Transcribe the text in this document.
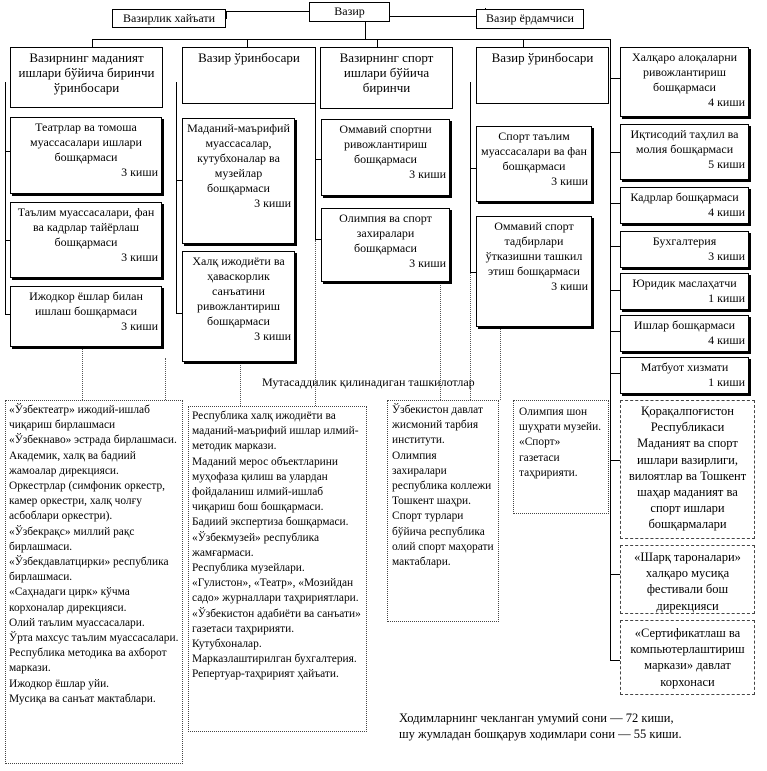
Вазир
Вазирлик хайъати	Вазир ёрдамчиси
Вазирнинг маданият ишлари бўйича биринчи ўринбосари
Вазир ўринбосари	Вазирнинг спорт ишлари бўйича биринчи
Вазир ўринбосари
Театрлар ва томоша муассасалари ишлари бошқармаси
3 киши
Таълим муассасалари, фан ва кадрлар тайёрлаш бошқармаси
3 киши
Ижодкор ёшлар билан ишлаш бошқармаси
3 киши
Маданий-маърифий муассасалар, кутубхоналар ва музейлар бошқармаси
3 киши
Халқ ижодиёти ва ҳаваскорлик санъатини ривожлантириш бошқармаси
3 киши
Оммавий спортни ривожлантириш бошқармаси
3 киши
Олимпия ва спорт захиралари бошқармаси
3 киши
Спорт таълим муассасалари ва фан бошқармаси
3 киши
Оммавий спорт тадбирлари ўтказишни ташкил этиш бошқармаси
3 киши
Халқаро алоқаларни ривожлантириш бошқармаси
4 киши
Иқтисодий таҳлил ва молия бошқармаси
5 киши
Кадрлар бошқармаси
4 киши
Бухгалтерия
3 киши
Юридик маслаҳатчи
1 киши
Ишлар бошқармаси
4 киши
Матбуот хизмати
1 киши
Мутасаддилик қилинадиган ташкилотлар
«Ўзбектеатр» ижодий-ишлаб чиқариш бирлашмаси
«Ўзбекнаво» эстрада бирлашмаси.
Академик, халқ ва бадиий жамоалар дирекцияси.
Оркестрлар (симфоник оркестр, камер оркестри, халқ чолғу асбоблари оркестри).
«Ўзбекрақс» миллий рақс бирлашмаси.
«Ўзбекдавлатцирки» республика бирлашмаси.
«Саҳнадаги цирк» кўчма корхоналар дирекцияси.
Олий таълим муассасалари.
Ўрта махсус таълим муассасалари.
Республика методика ва ахборот маркази.
Ижодкор ёшлар уйи.
Мусиқа ва санъат мактаблари.
Республика халқ ижодиёти ва маданий-маърифий ишлар илмий-методик маркази.
Маданий мерос объектларини муҳофаза қилиш ва улардан фойдаланиш илмий-ишлаб чиқариш бош бошқармаси.
Бадиий экспертиза бошқармаси.
«Ўзбекмузей» республика жамғармаси.
Республика музейлари.
«Гулистон», «Театр», «Мозийдан садо» журналлари таҳририятлари.
«Ўзбекистон адабиёти ва санъати» газетаси таҳририяти.
Кутубхоналар.
Марказлаштирилган бухгалтерия.
Репертуар-таҳририят ҳайъати.
Ўзбекистон давлат жисмоний тарбия институти.
Олимпия захиралари республика коллежи Тошкент шаҳри.
Спорт турлари бўйича республика олий спорт маҳорати мактаблари.
Олимпия шон шуҳрати музейи.
«Спорт» газетаси таҳририяти.
Қорақалпоғистон Республикаси Маданият ва спорт ишлари вазирлиги, вилоятлар ва Тошкент шаҳар маданият ва спорт ишлари бошқармалари
«Шарқ тароналари» халқаро мусиқа фестивали бош дирекцияси
«Сертификатлаш ва компьютерлаштириш маркази» давлат корхонаси
Ходимларнинг чекланган умумий сони — 72 киши,
шу жумладан бошқарув ходимлари сони — 55 киши.
